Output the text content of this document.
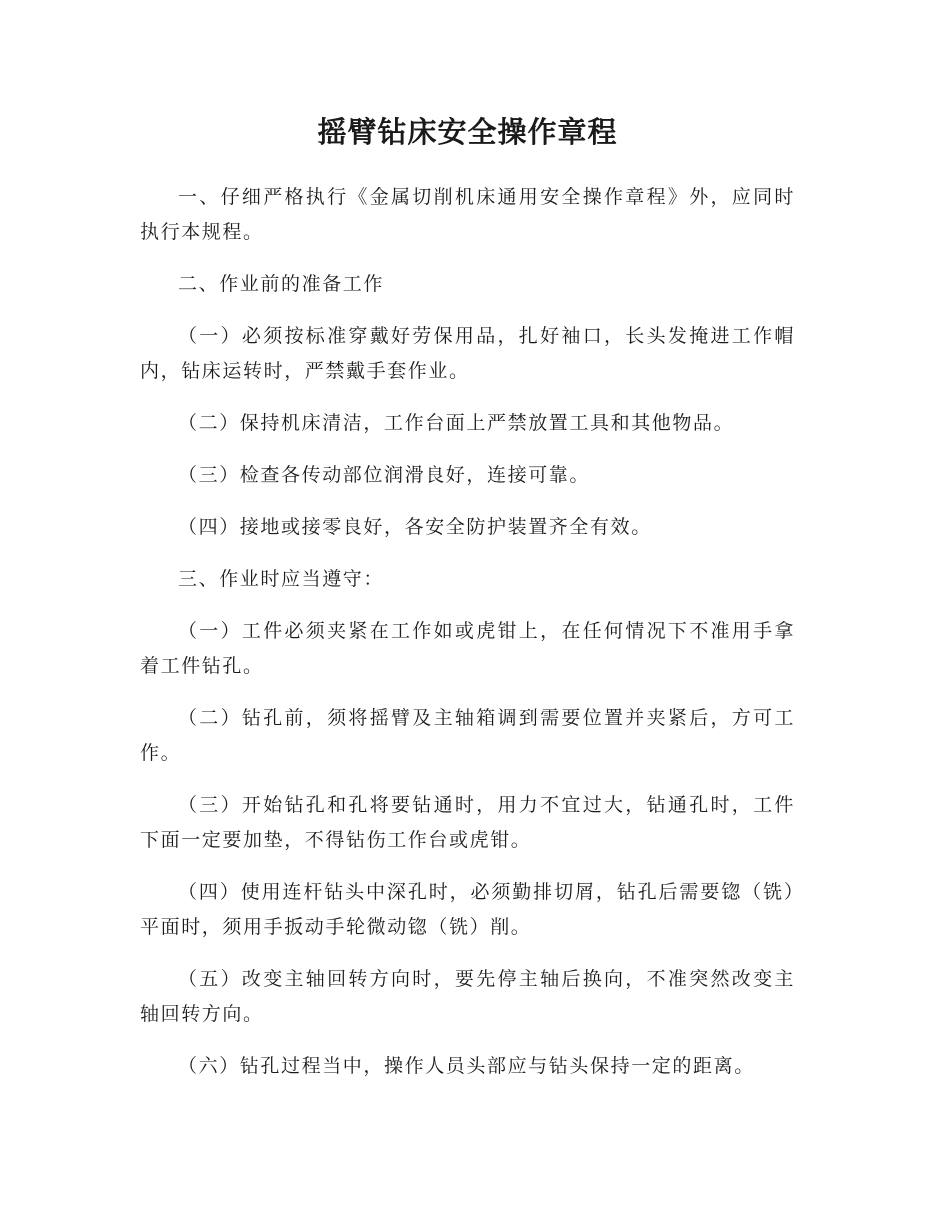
摇臂钻床安全操作章程

一、仔细严格执行《金属切削机床通用安全操作章程》外，应同时执行本规程。

二、作业前的准备工作

（一）必须按标准穿戴好劳保用品，扎好袖口，长头发掩进工作帽内，钻床运转时，严禁戴手套作业。

（二）保持机床清洁，工作台面上严禁放置工具和其他物品。

（三）检查各传动部位润滑良好，连接可靠。

（四）接地或接零良好，各安全防护装置齐全有效。

三、作业时应当遵守：

（一）工件必须夹紧在工作如或虎钳上，在任何情况下不准用手拿着工件钻孔。

（二）钻孔前，须将摇臂及主轴箱调到需要位置并夹紧后，方可工作。

（三）开始钻孔和孔将要钻通时，用力不宜过大，钻通孔时，工件下面一定要加垫，不得钻伤工作台或虎钳。

（四）使用连杆钻头中深孔时，必须勤排切屑，钻孔后需要锪（铣）平面时，须用手扳动手轮微动锪（铣）削。

（五）改变主轴回转方向时，要先停主轴后换向，不准突然改变主轴回转方向。

（六）钻孔过程当中，操作人员头部应与钻头保持一定的距离。
